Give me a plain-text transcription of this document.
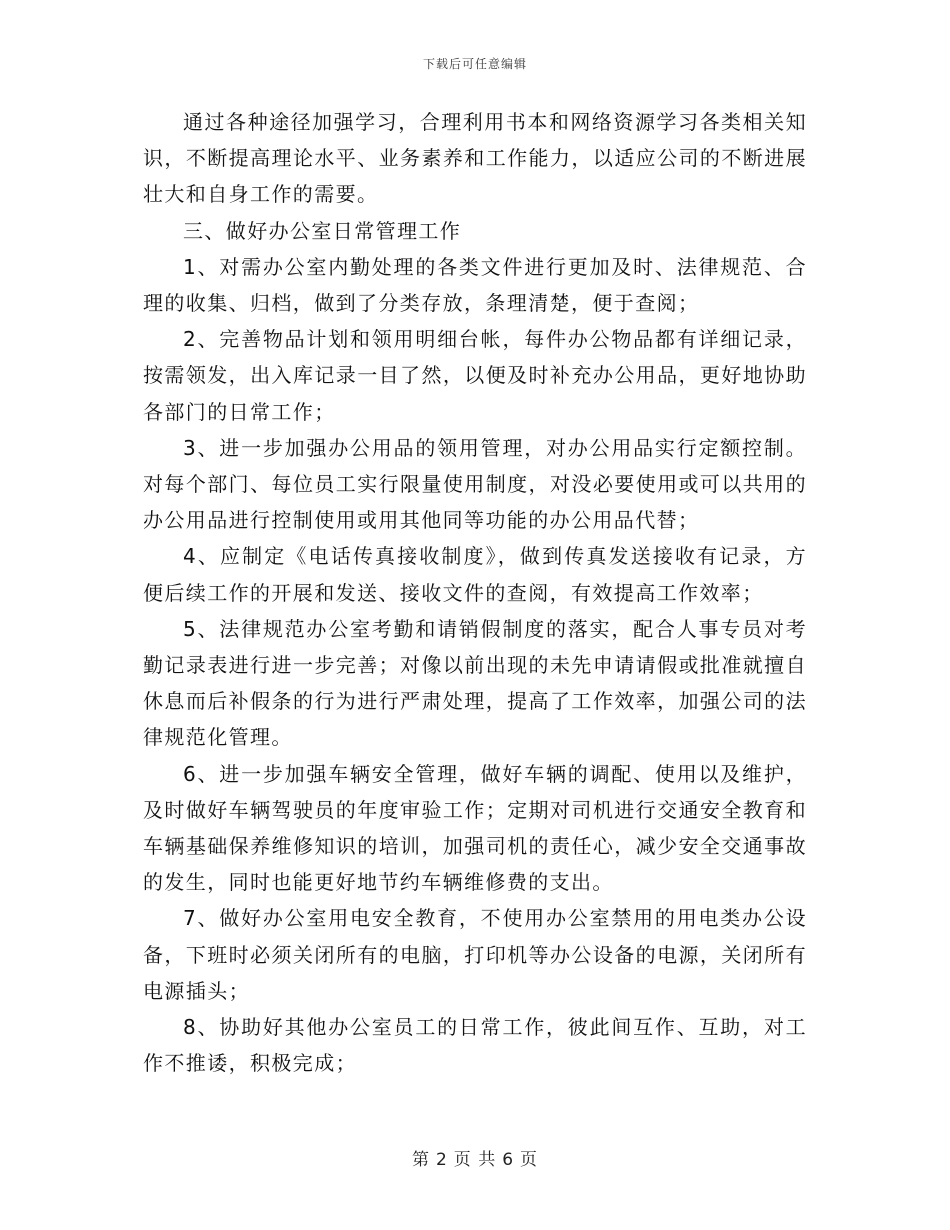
下载后可任意编辑

通过各种途径加强学习，合理利用书本和网络资源学习各类相关知识，不断提高理论水平、业务素养和工作能力，以适应公司的不断进展壮大和自身工作的需要。

三、做好办公室日常管理工作

1、对需办公室内勤处理的各类文件进行更加及时、法律规范、合理的收集、归档，做到了分类存放，条理清楚，便于查阅；

2、完善物品计划和领用明细台帐，每件办公物品都有详细记录，按需领发，出入库记录一目了然，以便及时补充办公用品，更好地协助各部门的日常工作；

3、进一步加强办公用品的领用管理，对办公用品实行定额控制。对每个部门、每位员工实行限量使用制度，对没必要使用或可以共用的办公用品进行控制使用或用其他同等功能的办公用品代替；

4、应制定《电话传真接收制度》，做到传真发送接收有记录，方便后续工作的开展和发送、接收文件的查阅，有效提高工作效率；

5、法律规范办公室考勤和请销假制度的落实，配合人事专员对考勤记录表进行进一步完善；对像以前出现的未先申请请假或批准就擅自休息而后补假条的行为进行严肃处理，提高了工作效率，加强公司的法律规范化管理。

6、进一步加强车辆安全管理，做好车辆的调配、使用以及维护，及时做好车辆驾驶员的年度审验工作；定期对司机进行交通安全教育和车辆基础保养维修知识的培训，加强司机的责任心，减少安全交通事故的发生，同时也能更好地节约车辆维修费的支出。

7、做好办公室用电安全教育，不使用办公室禁用的用电类办公设备，下班时必须关闭所有的电脑，打印机等办公设备的电源，关闭所有电源插头；

8、协助好其他办公室员工的日常工作，彼此间互作、互助，对工作不推诿，积极完成；

第 2 页 共 6 页
